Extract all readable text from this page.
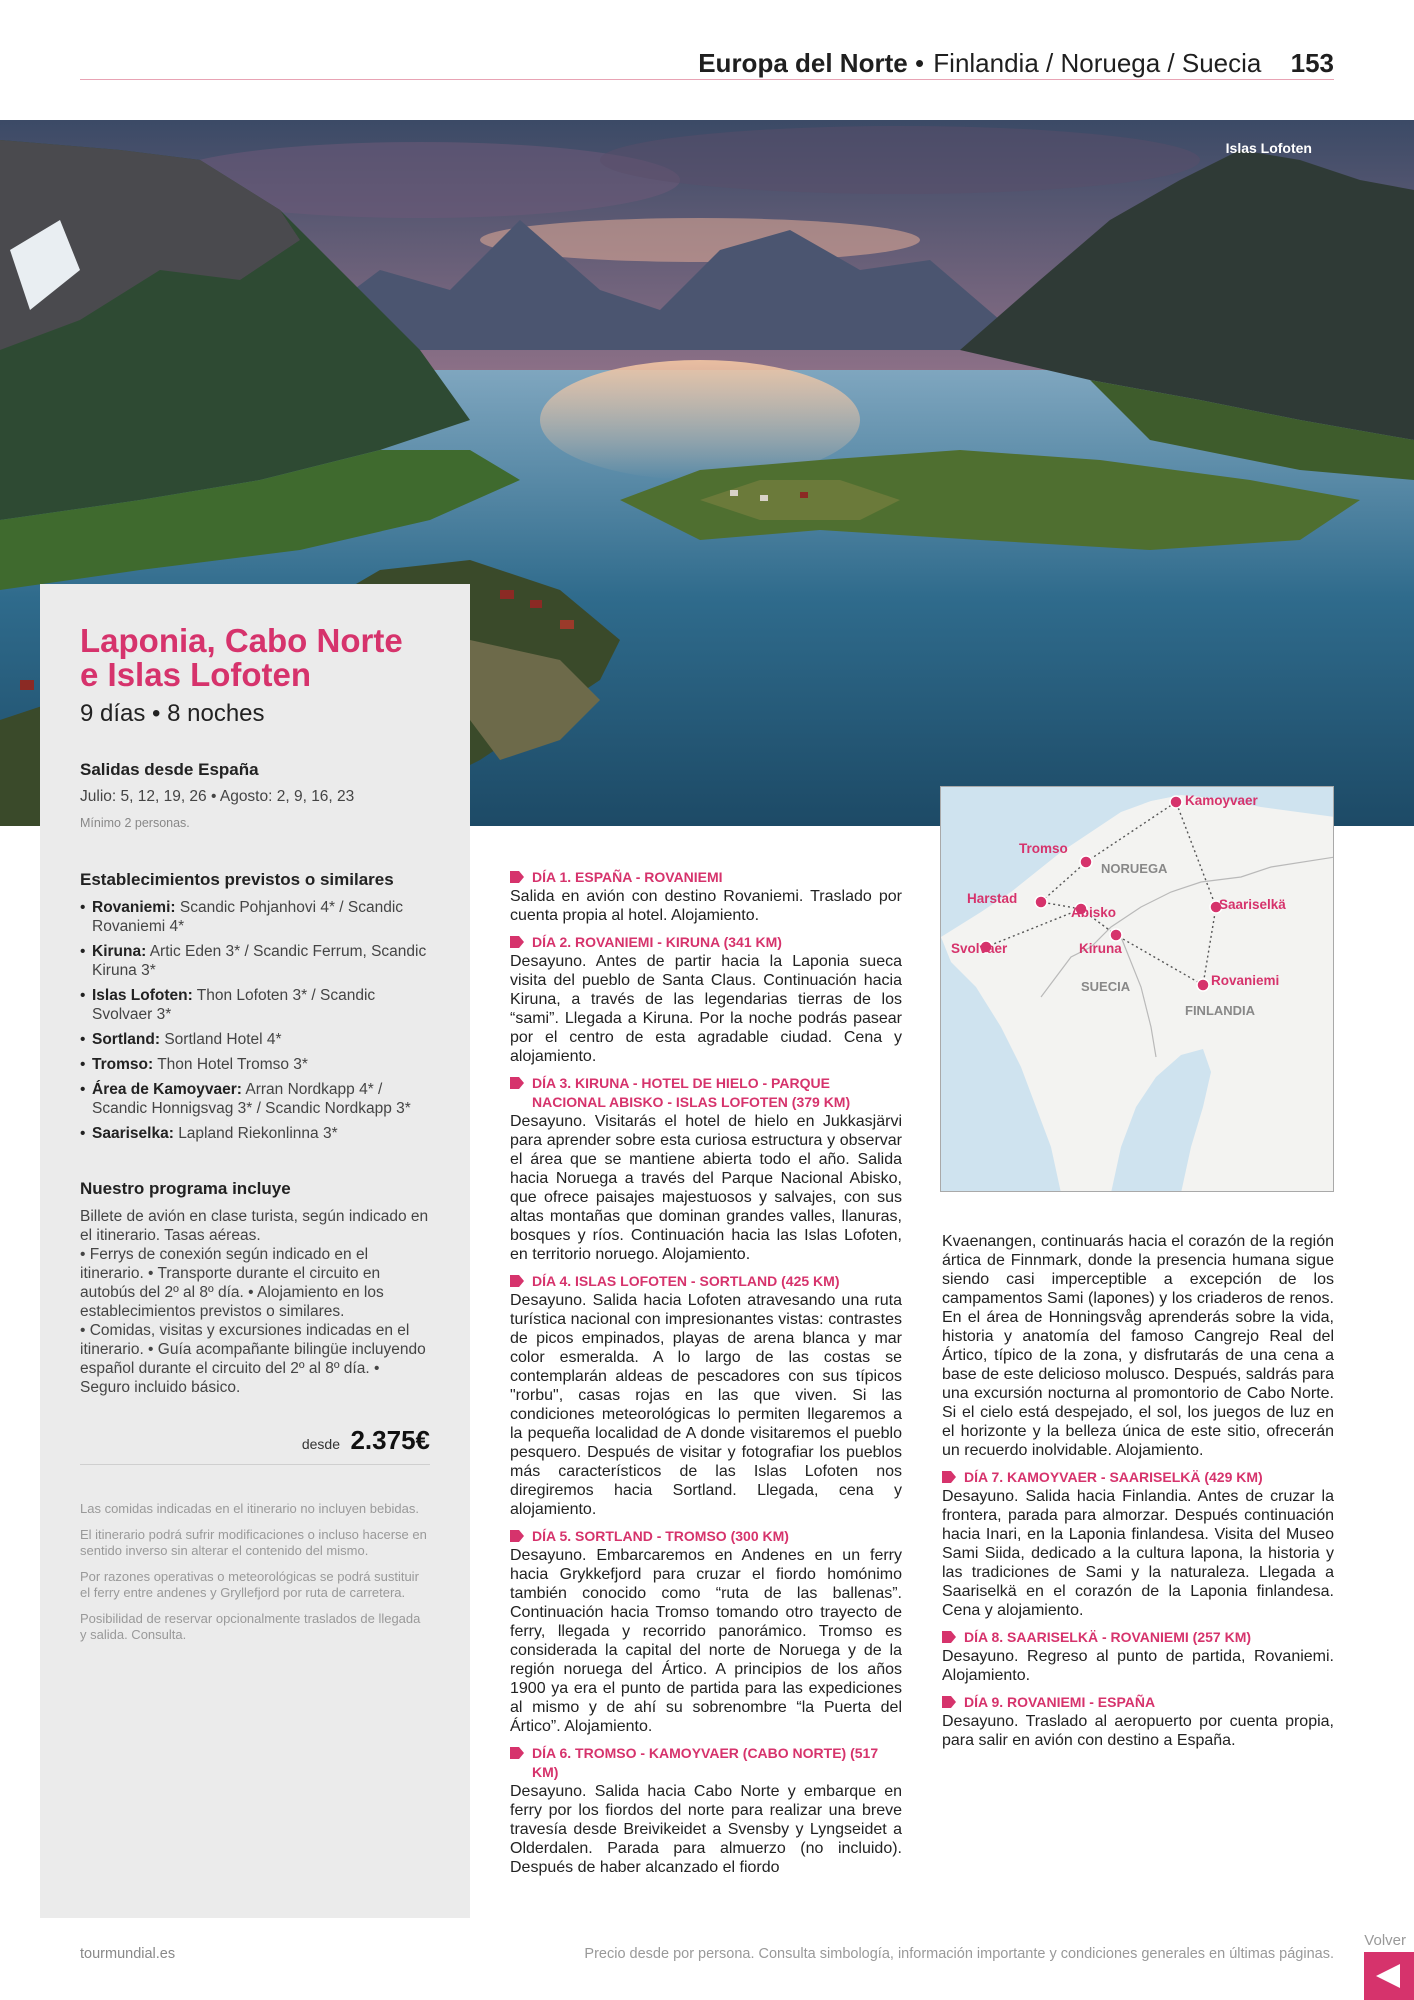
Europa del Norte • Finlandia / Noruega / Suecia 153
Islas Lofoten
Laponia, Cabo Norte e Islas Lofoten
9 días • 8 noches
Salidas desde España
Julio: 5, 12, 19, 26 • Agosto: 2, 9, 16, 23
Mínimo 2 personas.
Establecimientos previstos o similares
• Rovaniemi: Scandic Pohjanhovi 4* / Scandic Rovaniemi 4*
• Kiruna: Artic Eden 3* / Scandic Ferrum, Scandic Kiruna 3*
• Islas Lofoten: Thon Lofoten 3* / Scandic Svolvaer 3*
• Sortland: Sortland Hotel 4*
• Tromso: Thon Hotel Tromso 3*
• Área de Kamoyvaer: Arran Nordkapp 4* / Scandic Honnigsvag 3* / Scandic Nordkapp 3*
• Saariselka: Lapland Riekonlinna 3*
Nuestro programa incluye

Billete de avión en clase turista, según indicado en el itinerario. Tasas aéreas.

• Ferrys de conexión según indicado en el itinerario. • Transporte durante el circuito en autobús del 2º al 8º día. • Alojamiento en los establecimientos previstos o similares.

• Comidas, visitas y excursiones indicadas en el itinerario. • Guía acompañante bilingüe incluyendo español durante el circuito del 2º al 8º día. • Seguro incluido básico.

desde 2.375€
Las comidas indicadas en el itinerario no incluyen bebidas.
El itinerario podrá sufrir modificaciones o incluso hacerse en sentido inverso sin alterar el contenido del mismo.
Por razones operativas o meteorológicas se podrá sustituir el ferry entre andenes y Gryllefjord por ruta de carretera.
Posibilidad de reservar opcionalmente traslados de llegada y salida. Consulta.
DÍA 1. ESPAÑA - ROVANIEMI
Salida en avión con destino Rovaniemi. Traslado por cuenta propia al hotel. Alojamiento.
DÍA 2. ROVANIEMI - KIRUNA (341 KM)
Desayuno. Antes de partir hacia la Laponia sueca visita del pueblo de Santa Claus. Continuación hacia Kiruna, a través de las legendarias tierras de los “sami”. Llegada a Kiruna. Por la noche podrás pasear por el centro de esta agradable ciudad. Cena y alojamiento.
DÍA 3. KIRUNA - HOTEL DE HIELO - PARQUE NACIONAL ABISKO - ISLAS LOFOTEN (379 KM)
Desayuno. Visitarás el hotel de hielo en Jukkasjärvi para aprender sobre esta curiosa estructura y observar el área que se mantiene abierta todo el año. Salida hacia Noruega a través del Parque Nacional Abisko, que ofrece paisajes majestuosos y salvajes, con sus altas montañas que dominan grandes valles, llanuras, bosques y ríos. Continuación hacia las Islas Lofoten, en territorio noruego. Alojamiento.
DÍA 4. ISLAS LOFOTEN - SORTLAND (425 KM)
Desayuno. Salida hacia Lofoten atravesando una ruta turística nacional con impresionantes vistas: contrastes de picos empinados, playas de arena blanca y mar color esmeralda. A lo largo de las costas se contemplarán aldeas de pescadores con sus típicos "rorbu", casas rojas en las que viven. Si las condiciones meteorológicas lo permiten llegaremos a la pequeña localidad de A donde visitaremos el pueblo pesquero. Después de visitar y fotografiar los pueblos más característicos de las Islas Lofoten nos diregiremos hacia Sortland. Llegada, cena y alojamiento.
DÍA 5. SORTLAND - TROMSO (300 KM)
Desayuno. Embarcaremos en Andenes en un ferry hacia Grykkefjord para cruzar el fiordo homónimo también conocido como “ruta de las ballenas”. Continuación hacia Tromso tomando otro trayecto de ferry, llegada y recorrido panorámico. Tromso es considerada la capital del norte de Noruega y de la región noruega del Ártico. A principios de los años 1900 ya era el punto de partida para las expediciones al mismo y de ahí su sobrenombre “la Puerta del Ártico”. Alojamiento.
DÍA 6. TROMSO - KAMOYVAER (CABO NORTE) (517 KM)
Desayuno. Salida hacia Cabo Norte y embarque en ferry por los fiordos del norte para realizar una breve travesía desde Breivikeidet a Svensby y Lyngseidet a Olderdalen. Parada para almuerzo (no incluido). Después de haber alcanzado el fiordo
Kamoyvaer
Tromso
Harstad
Abisko
Saariselkä
Svolvaer	Kiruna
Rovaniemi
NORUEGA
SUECIA
FINLANDIA
Kvaenangen, continuarás hacia el corazón de la región ártica de Finnmark, donde la presencia humana sigue siendo casi imperceptible a excepción de los campamentos Sami (lapones) y los criaderos de renos. En el área de Honningsvåg aprenderás sobre la vida, historia y anatomía del famoso Cangrejo Real del Ártico, típico de la zona, y disfrutarás de una cena a base de este delicioso molusco. Después, saldrás para una excursión nocturna al promontorio de Cabo Norte. Si el cielo está despejado, el sol, los juegos de luz en el horizonte y la belleza única de este sitio, ofrecerán un recuerdo inolvidable. Alojamiento.
DÍA 7. KAMOYVAER - SAARISELKÄ (429 KM)
Desayuno. Salida hacia Finlandia. Antes de cruzar la frontera, parada para almorzar. Después continuación hacia Inari, en la Laponia finlandesa. Visita del Museo Sami Siida, dedicado a la cultura lapona, la historia y las tradiciones de Sami y la naturaleza. Llegada a Saariselkä en el corazón de la Laponia finlandesa. Cena y alojamiento.
DÍA 8. SAARISELKÄ - ROVANIEMI (257 KM)
Desayuno. Regreso al punto de partida, Rovaniemi. Alojamiento.
DÍA 9. ROVANIEMI - ESPAÑA
Desayuno. Traslado al aeropuerto por cuenta propia, para salir en avión con destino a España.
tourmundial.es	Precio desde por persona. Consulta simbología, información importante y condiciones generales en últimas páginas.
Volver
